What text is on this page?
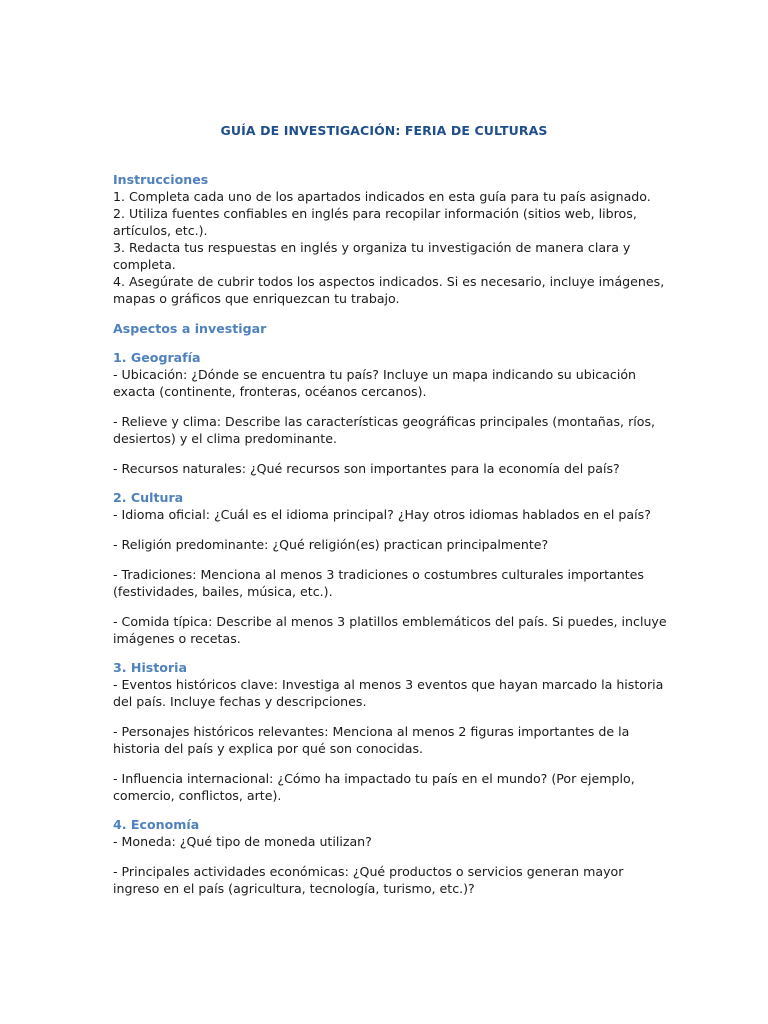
GUÍA DE INVESTIGACIÓN: FERIA DE CULTURAS
Instrucciones
1. Completa cada uno de los apartados indicados en esta guía para tu país asignado.
2. Utiliza fuentes confiables en inglés para recopilar información (sitios web, libros, artículos, etc.).
3. Redacta tus respuestas en inglés y organiza tu investigación de manera clara y completa.
4. Asegúrate de cubrir todos los aspectos indicados. Si es necesario, incluye imágenes, mapas o gráficos que enriquezcan tu trabajo.
Aspectos a investigar
1. Geografía
- Ubicación: ¿Dónde se encuentra tu país? Incluye un mapa indicando su ubicación exacta (continente, fronteras, océanos cercanos).
- Relieve y clima: Describe las características geográficas principales (montañas, ríos, desiertos) y el clima predominante.
- Recursos naturales: ¿Qué recursos son importantes para la economía del país?
2. Cultura
- Idioma oficial: ¿Cuál es el idioma principal? ¿Hay otros idiomas hablados en el país?
- Religión predominante: ¿Qué religión(es) practican principalmente?
- Tradiciones: Menciona al menos 3 tradiciones o costumbres culturales importantes (festividades, bailes, música, etc.).
- Comida típica: Describe al menos 3 platillos emblemáticos del país. Si puedes, incluye imágenes o recetas.
3. Historia
- Eventos históricos clave: Investiga al menos 3 eventos que hayan marcado la historia del país. Incluye fechas y descripciones.
- Personajes históricos relevantes: Menciona al menos 2 figuras importantes de la historia del país y explica por qué son conocidas.
- Influencia internacional: ¿Cómo ha impactado tu país en el mundo? (Por ejemplo, comercio, conflictos, arte).
4. Economía
- Moneda: ¿Qué tipo de moneda utilizan?
- Principales actividades económicas: ¿Qué productos o servicios generan mayor ingreso en el país (agricultura, tecnología, turismo, etc.)?
